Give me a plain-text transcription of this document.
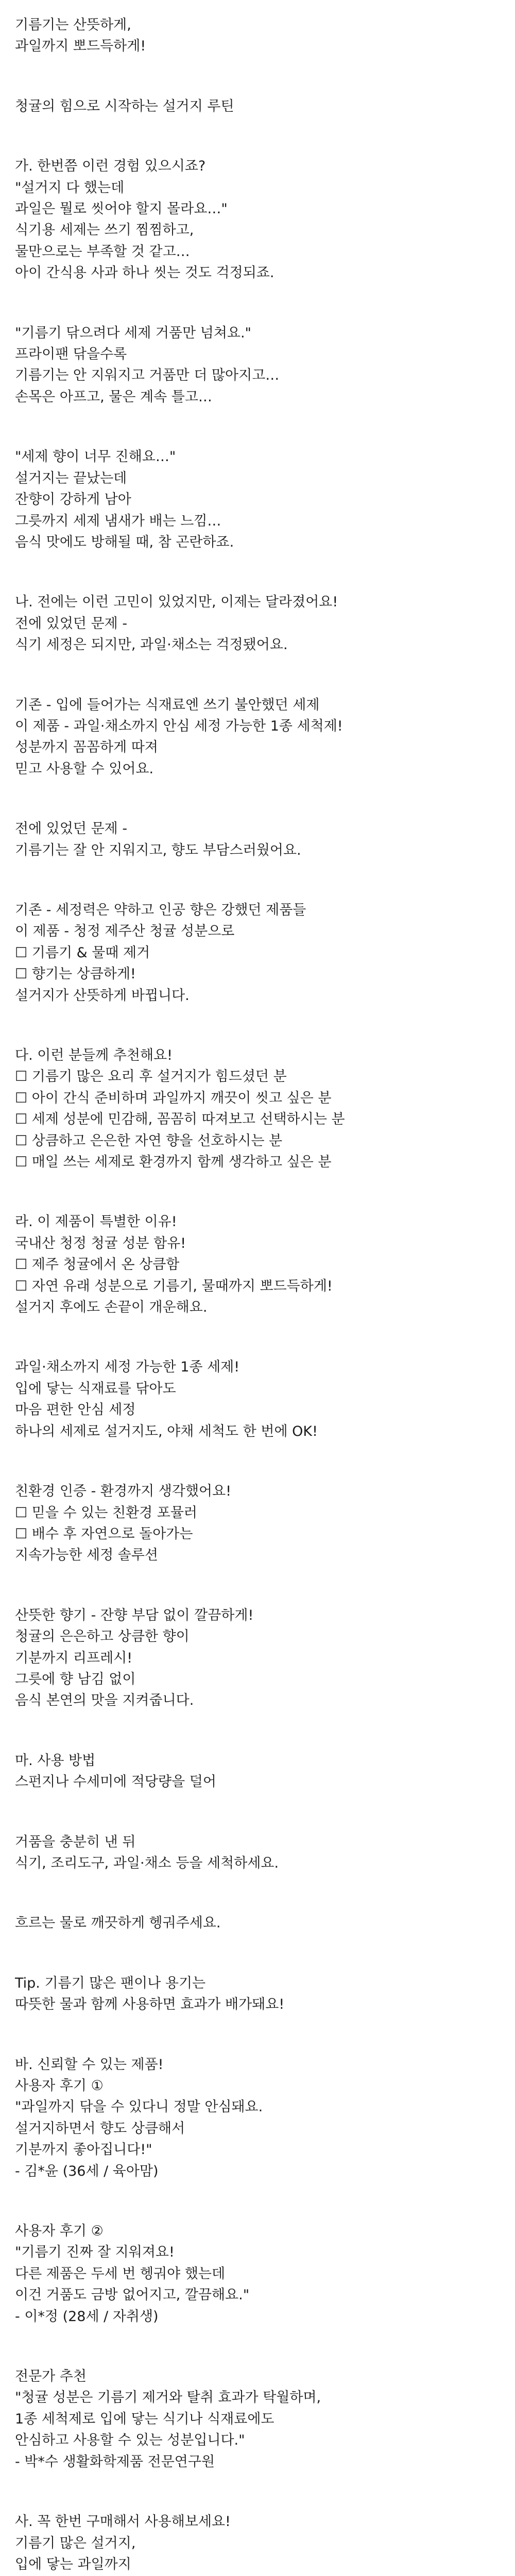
기름기는 산뜻하게,

과일까지 뽀드득하게!

청귤의 힘으로 시작하는 설거지 루틴

가. 한번쯤 이런 경험 있으시죠?

"설거지 다 했는데

과일은 뭘로 씻어야 할지 몰라요…"

식기용 세제는 쓰기 찜찜하고,

물만으로는 부족할 것 같고…

아이 간식용 사과 하나 씻는 것도 걱정되죠.

"기름기 닦으려다 세제 거품만 넘쳐요."

프라이팬 닦을수록

기름기는 안 지워지고 거품만 더 많아지고…

손목은 아프고, 물은 계속 틀고…

"세제 향이 너무 진해요…"

설거지는 끝났는데

잔향이 강하게 남아

그릇까지 세제 냄새가 배는 느낌…

음식 맛에도 방해될 때, 참 곤란하죠.

나. 전에는 이런 고민이 있었지만, 이제는 달라졌어요!

전에 있었던 문제 -

식기 세정은 되지만, 과일·채소는 걱정됐어요.

기존 - 입에 들어가는 식재료엔 쓰기 불안했던 세제

이 제품 - 과일·채소까지 안심 세정 가능한 1종 세척제!

성분까지 꼼꼼하게 따져

믿고 사용할 수 있어요.

전에 있었던 문제 -

기름기는 잘 안 지워지고, 향도 부담스러웠어요.

기존 - 세정력은 약하고 인공 향은 강했던 제품들

이 제품 - 청정 제주산 청귤 성분으로

☐ 기름기 & 물때 제거

☐ 향기는 상큼하게!

설거지가 산뜻하게 바뀝니다.

다. 이런 분들께 추천해요!

☐ 기름기 많은 요리 후 설거지가 힘드셨던 분

☐ 아이 간식 준비하며 과일까지 깨끗이 씻고 싶은 분

☐ 세제 성분에 민감해, 꼼꼼히 따져보고 선택하시는 분

☐ 상큼하고 은은한 자연 향을 선호하시는 분

☐ 매일 쓰는 세제로 환경까지 함께 생각하고 싶은 분

라. 이 제품이 특별한 이유!

국내산 청정 청귤 성분 함유!

☐ 제주 청귤에서 온 상큼함

☐ 자연 유래 성분으로 기름기, 물때까지 뽀드득하게!

설거지 후에도 손끝이 개운해요.

과일·채소까지 세정 가능한 1종 세제!

입에 닿는 식재료를 닦아도

마음 편한 안심 세정

하나의 세제로 설거지도, 야채 세척도 한 번에 OK!

친환경 인증 - 환경까지 생각했어요!

☐ 믿을 수 있는 친환경 포뮬러

☐ 배수 후 자연으로 돌아가는

지속가능한 세정 솔루션

산뜻한 향기 - 잔향 부담 없이 깔끔하게!

청귤의 은은하고 상큼한 향이

기분까지 리프레시!

그릇에 향 남김 없이

음식 본연의 맛을 지켜줍니다.

마. 사용 방법

스펀지나 수세미에 적당량을 덜어

거품을 충분히 낸 뒤

식기, 조리도구, 과일·채소 등을 세척하세요.

흐르는 물로 깨끗하게 헹궈주세요.

Tip. 기름기 많은 팬이나 용기는

따뜻한 물과 함께 사용하면 효과가 배가돼요!

바. 신뢰할 수 있는 제품!

사용자 후기 ①

"과일까지 닦을 수 있다니 정말 안심돼요.

설거지하면서 향도 상큼해서

기분까지 좋아집니다!"

- 김*윤 (36세 / 육아맘)

사용자 후기 ②

"기름기 진짜 잘 지워져요!

다른 제품은 두세 번 헹궈야 했는데

이건 거품도 금방 없어지고, 깔끔해요."

- 이*정 (28세 / 자취생)

전문가 추천

"청귤 성분은 기름기 제거와 탈취 효과가 탁월하며,

1종 세척제로 입에 닿는 식기나 식재료에도

안심하고 사용할 수 있는 성분입니다."

- 박*수 생활화학제품 전문연구원

사. 꼭 한번 구매해서 사용해보세요!

기름기 많은 설거지,

입에 닿는 과일까지
